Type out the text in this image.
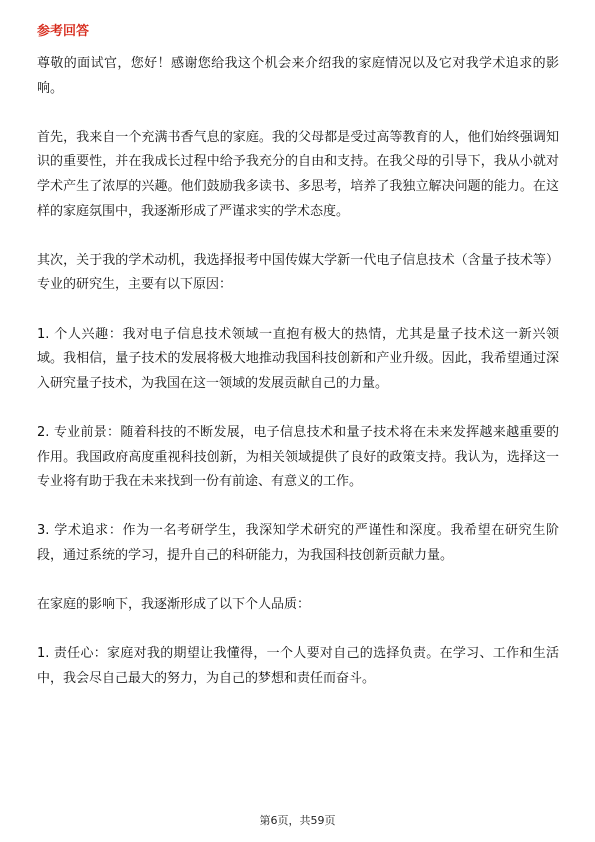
参考回答

尊敬的面试官，您好！感谢您给我这个机会来介绍我的家庭情况以及它对我学术追求的影响。

首先，我来自一个充满书香气息的家庭。我的父母都是受过高等教育的人，他们始终强调知识的重要性，并在我成长过程中给予我充分的自由和支持。在我父母的引导下，我从小就对学术产生了浓厚的兴趣。他们鼓励我多读书、多思考，培养了我独立解决问题的能力。在这样的家庭氛围中，我逐渐形成了严谨求实的学术态度。

其次，关于我的学术动机，我选择报考中国传媒大学新一代电子信息技术（含量子技术等）专业的研究生，主要有以下原因：

1. 个人兴趣：我对电子信息技术领域一直抱有极大的热情，尤其是量子技术这一新兴领域。我相信，量子技术的发展将极大地推动我国科技创新和产业升级。因此，我希望通过深入研究量子技术，为我国在这一领域的发展贡献自己的力量。

2. 专业前景：随着科技的不断发展，电子信息技术和量子技术将在未来发挥越来越重要的作用。我国政府高度重视科技创新，为相关领域提供了良好的政策支持。我认为，选择这一专业将有助于我在未来找到一份有前途、有意义的工作。

3. 学术追求：作为一名考研学生，我深知学术研究的严谨性和深度。我希望在研究生阶段，通过系统的学习，提升自己的科研能力，为我国科技创新贡献力量。

在家庭的影响下，我逐渐形成了以下个人品质：

1. 责任心：家庭对我的期望让我懂得，一个人要对自己的选择负责。在学习、工作和生活中，我会尽自己最大的努力，为自己的梦想和责任而奋斗。

第6页，共59页
